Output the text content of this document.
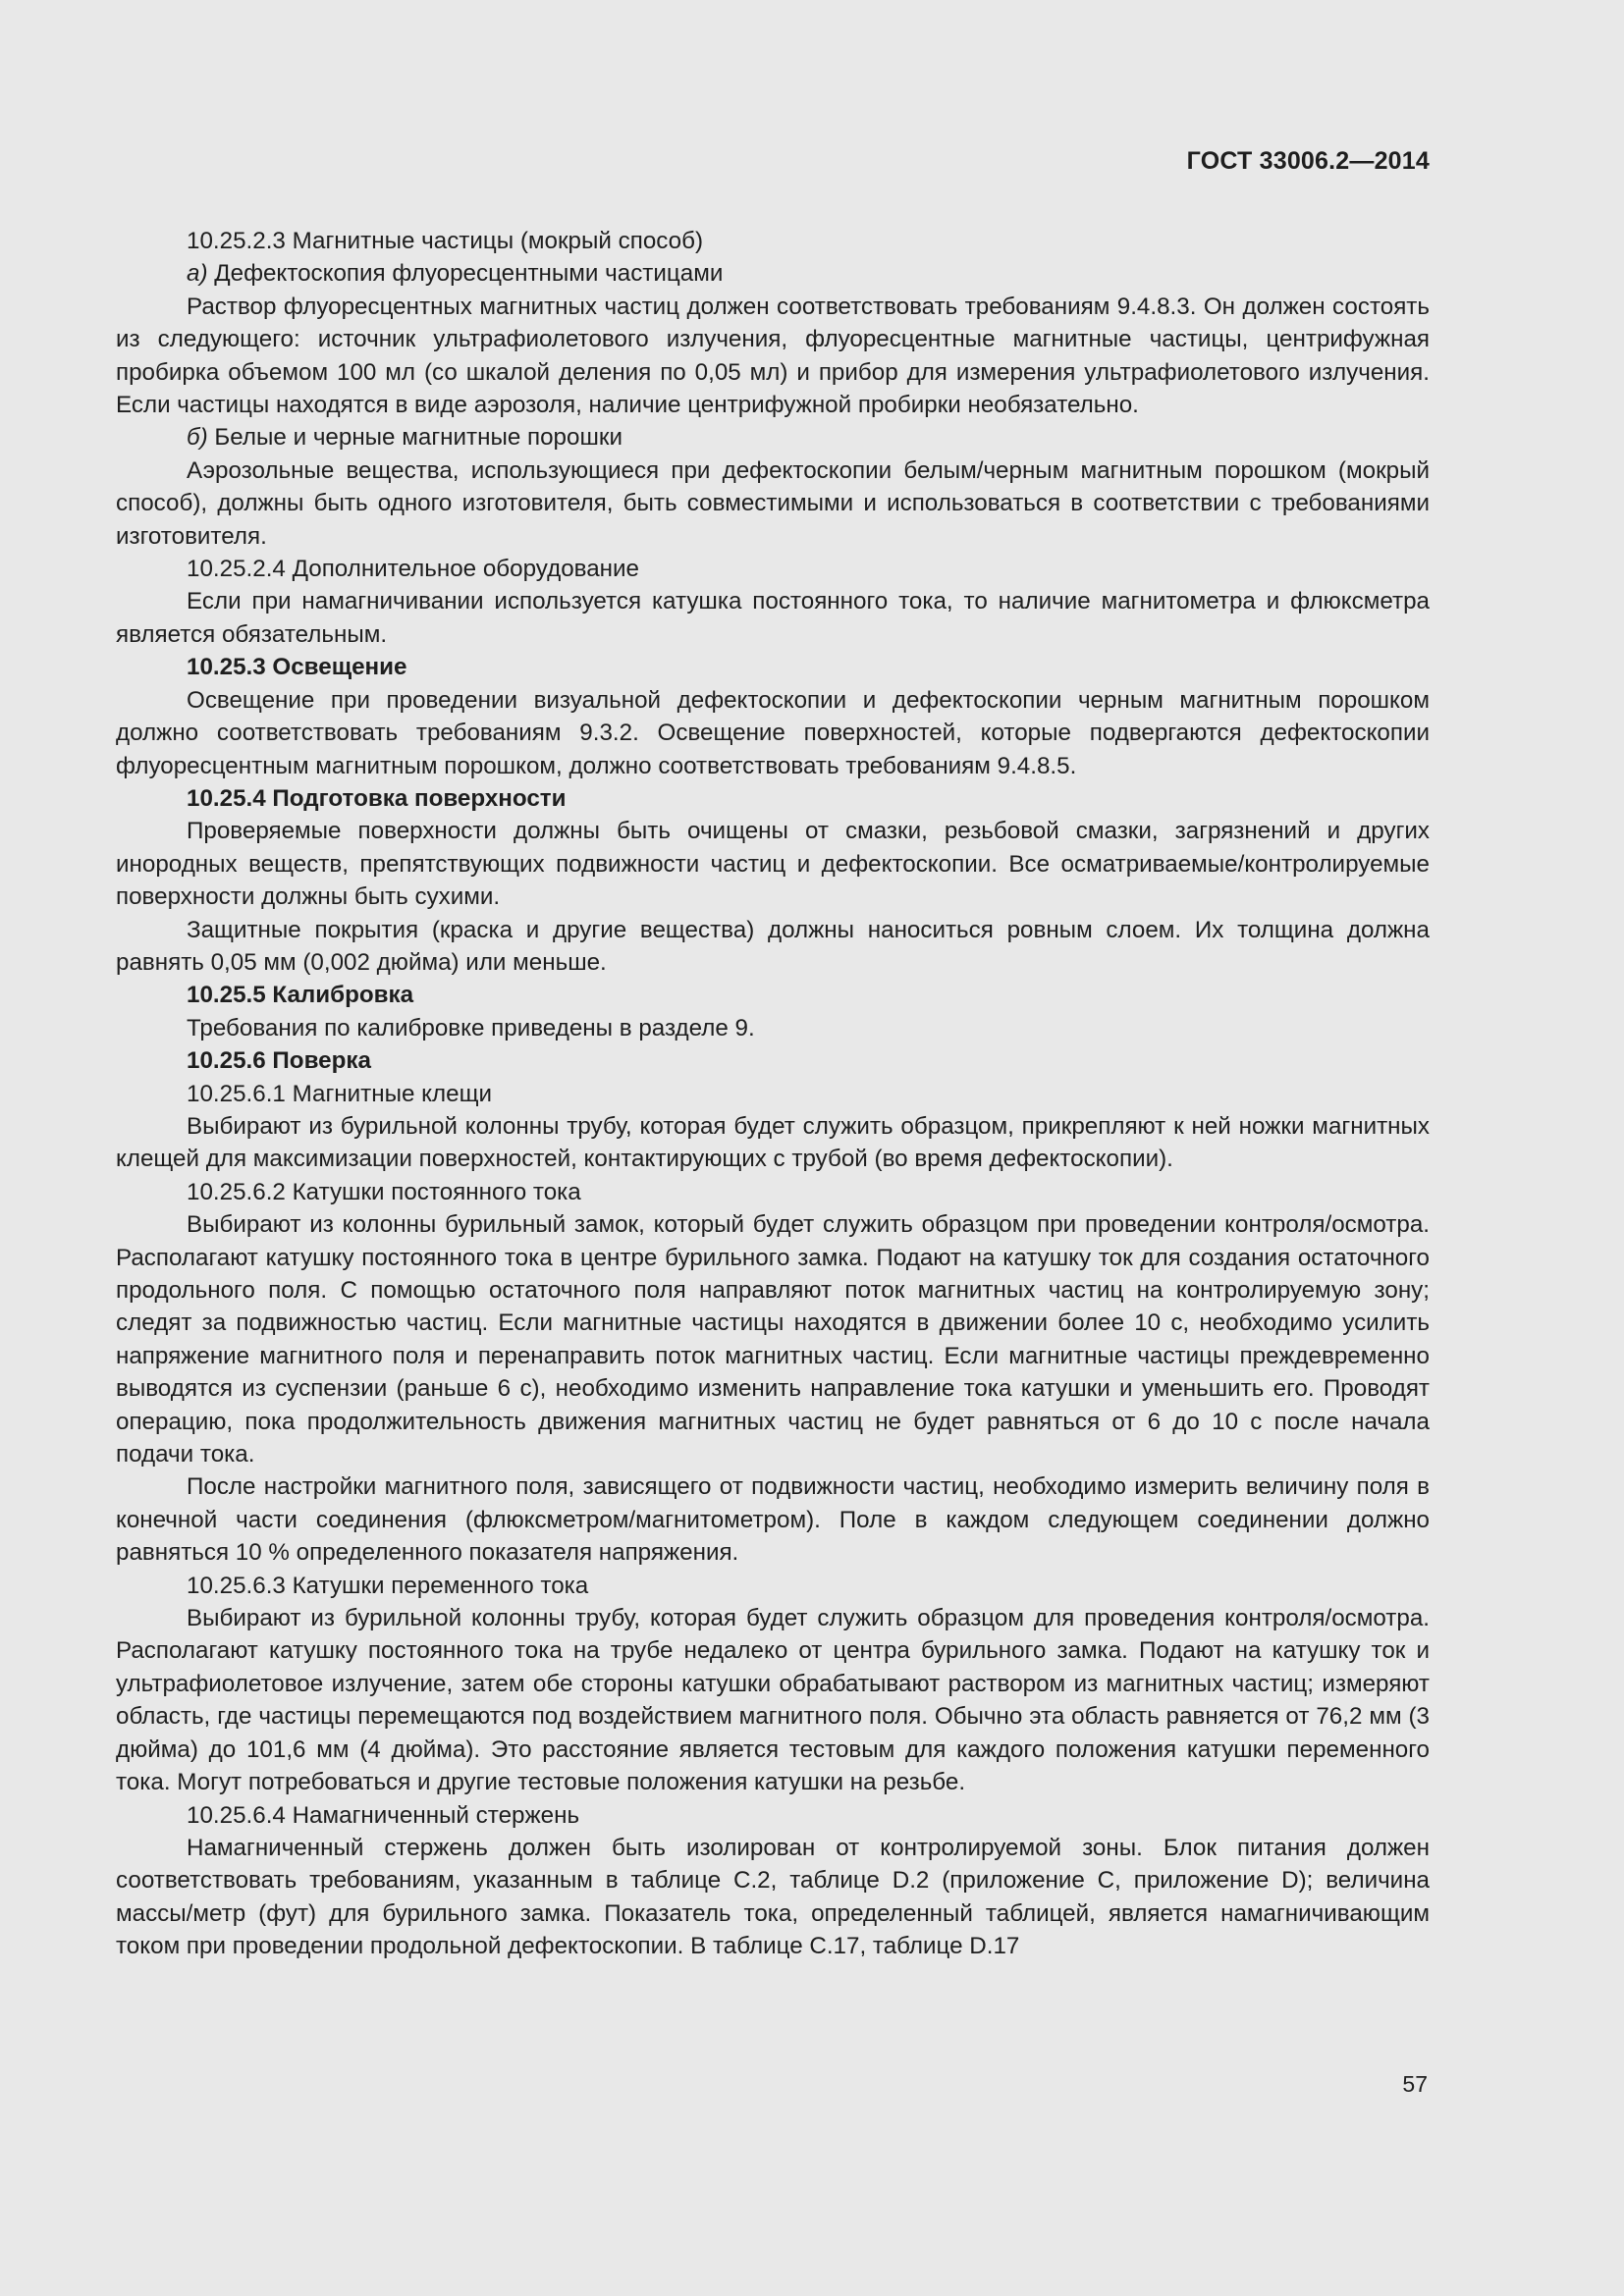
ГОСТ 33006.2—2014

10.25.2.3 Магнитные частицы (мокрый способ)

а) Дефектоскопия флуоресцентными частицами

Раствор флуоресцентных магнитных частиц должен соответствовать требованиям 9.4.8.3. Он должен состоять из следующего: источник ультрафиолетового излучения, флуоресцентные магнитные частицы, центрифужная пробирка объемом 100 мл (со шкалой деления по 0,05 мл) и прибор для измерения ультрафиолетового излучения. Если частицы находятся в виде аэрозоля, наличие центрифужной пробирки необязательно.

б) Белые и черные магнитные порошки

Аэрозольные вещества, использующиеся при дефектоскопии белым/черным магнитным порошком (мокрый способ), должны быть одного изготовителя, быть совместимыми и использоваться в соответствии с требованиями изготовителя.

10.25.2.4 Дополнительное оборудование

Если при намагничивании используется катушка постоянного тока, то наличие магнитометра и флюксметра является обязательным.

10.25.3 Освещение

Освещение при проведении визуальной дефектоскопии и дефектоскопии черным магнитным порошком должно соответствовать требованиям 9.3.2. Освещение поверхностей, которые подвергаются дефектоскопии флуоресцентным магнитным порошком, должно соответствовать требованиям 9.4.8.5.

10.25.4 Подготовка поверхности

Проверяемые поверхности должны быть очищены от смазки, резьбовой смазки, загрязнений и других инородных веществ, препятствующих подвижности частиц и дефектоскопии. Все осматриваемые/контролируемые поверхности должны быть сухими.

Защитные покрытия (краска и другие вещества) должны наноситься ровным слоем. Их толщина должна равнять 0,05 мм (0,002 дюйма) или меньше.

10.25.5 Калибровка

Требования по калибровке приведены в разделе 9.

10.25.6 Поверка

10.25.6.1 Магнитные клещи

Выбирают из бурильной колонны трубу, которая будет служить образцом, прикрепляют к ней ножки магнитных клещей для максимизации поверхностей, контактирующих с трубой (во время дефектоскопии).

10.25.6.2 Катушки постоянного тока

Выбирают из колонны бурильный замок, который будет служить образцом при проведении контроля/осмотра. Располагают катушку постоянного тока в центре бурильного замка. Подают на катушку ток для создания остаточного продольного поля. С помощью остаточного поля направляют поток магнитных частиц на контролируемую зону; следят за подвижностью частиц. Если магнитные частицы находятся в движении более 10 с, необходимо усилить напряжение магнитного поля и перенаправить поток магнитных частиц. Если магнитные частицы преждевременно выводятся из суспензии (раньше 6 с), необходимо изменить направление тока катушки и уменьшить его. Проводят операцию, пока продолжительность движения магнитных частиц не будет равняться от 6 до 10 с после начала подачи тока.

После настройки магнитного поля, зависящего от подвижности частиц, необходимо измерить величину поля в конечной части соединения (флюксметром/магнитометром). Поле в каждом следующем соединении должно равняться 10 % определенного показателя напряжения.

10.25.6.3 Катушки переменного тока

Выбирают из бурильной колонны трубу, которая будет служить образцом для проведения контроля/осмотра. Располагают катушку постоянного тока на трубе недалеко от центра бурильного замка. Подают на катушку ток и ультрафиолетовое излучение, затем обе стороны катушки обрабатывают раствором из магнитных частиц; измеряют область, где частицы перемещаются под воздействием магнитного поля. Обычно эта область равняется от 76,2 мм (3 дюйма) до 101,6 мм (4 дюйма). Это расстояние является тестовым для каждого положения катушки переменного тока. Могут потребоваться и другие тестовые положения катушки на резьбе.

10.25.6.4 Намагниченный стержень

Намагниченный стержень должен быть изолирован от контролируемой зоны. Блок питания должен соответствовать требованиям, указанным в таблице С.2, таблице D.2 (приложение С, приложение D); величина массы/метр (фут) для бурильного замка. Показатель тока, определенный таблицей, является намагничивающим током при проведении продольной дефектоскопии. В таблице С.17, таблице D.17

57
